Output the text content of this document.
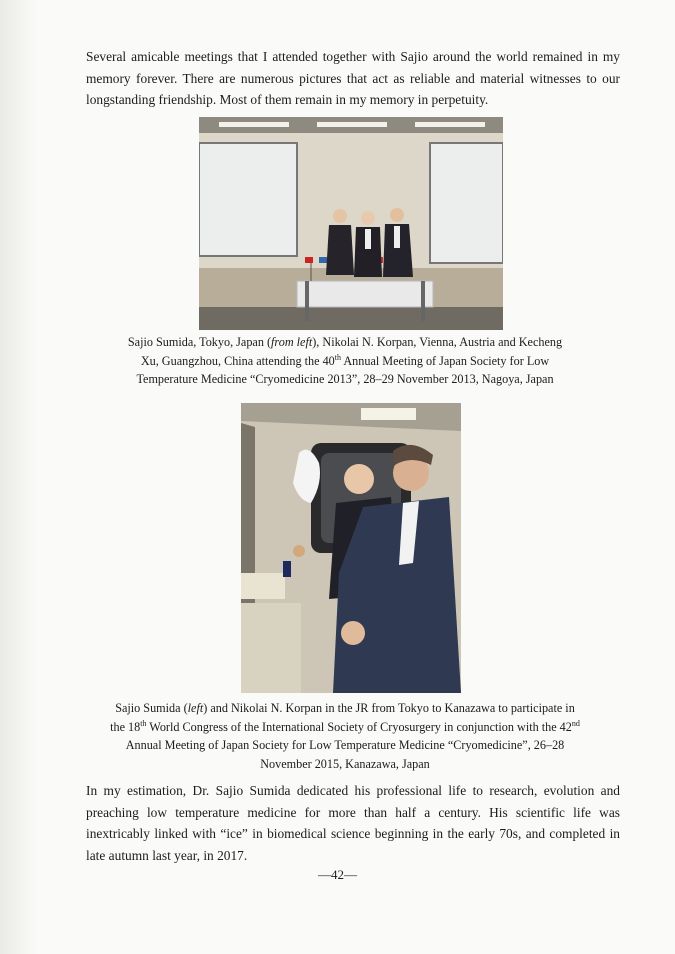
Several amicable meetings that I attended together with Sajio around the world remained in my memory forever. There are numerous pictures that act as reliable and material witnesses to our longstanding friendship. Most of them remain in my memory in perpetuity.

Sajio Sumida, Tokyo, Japan (from left), Nikolai N. Korpan, Vienna, Austria and Kecheng Xu, Guangzhou, China attending the 40th Annual Meeting of Japan Society for Low Temperature Medicine “Cryomedicine 2013”, 28–29 November 2013, Nagoya, Japan

Sajio Sumida (left) and Nikolai N. Korpan in the JR from Tokyo to Kanazawa to participate in the 18th World Congress of the International Society of Cryosurgery in conjunction with the 42nd Annual Meeting of Japan Society for Low Temperature Medicine “Cryomedicine”, 26–28 November 2015, Kanazawa, Japan

In my estimation, Dr. Sajio Sumida dedicated his professional life to research, evolution and preaching low temperature medicine for more than half a century. His scientific life was inextricably linked with “ice” in biomedical science beginning in the early 70s, and completed in late autumn last year, in 2017.

—42—
